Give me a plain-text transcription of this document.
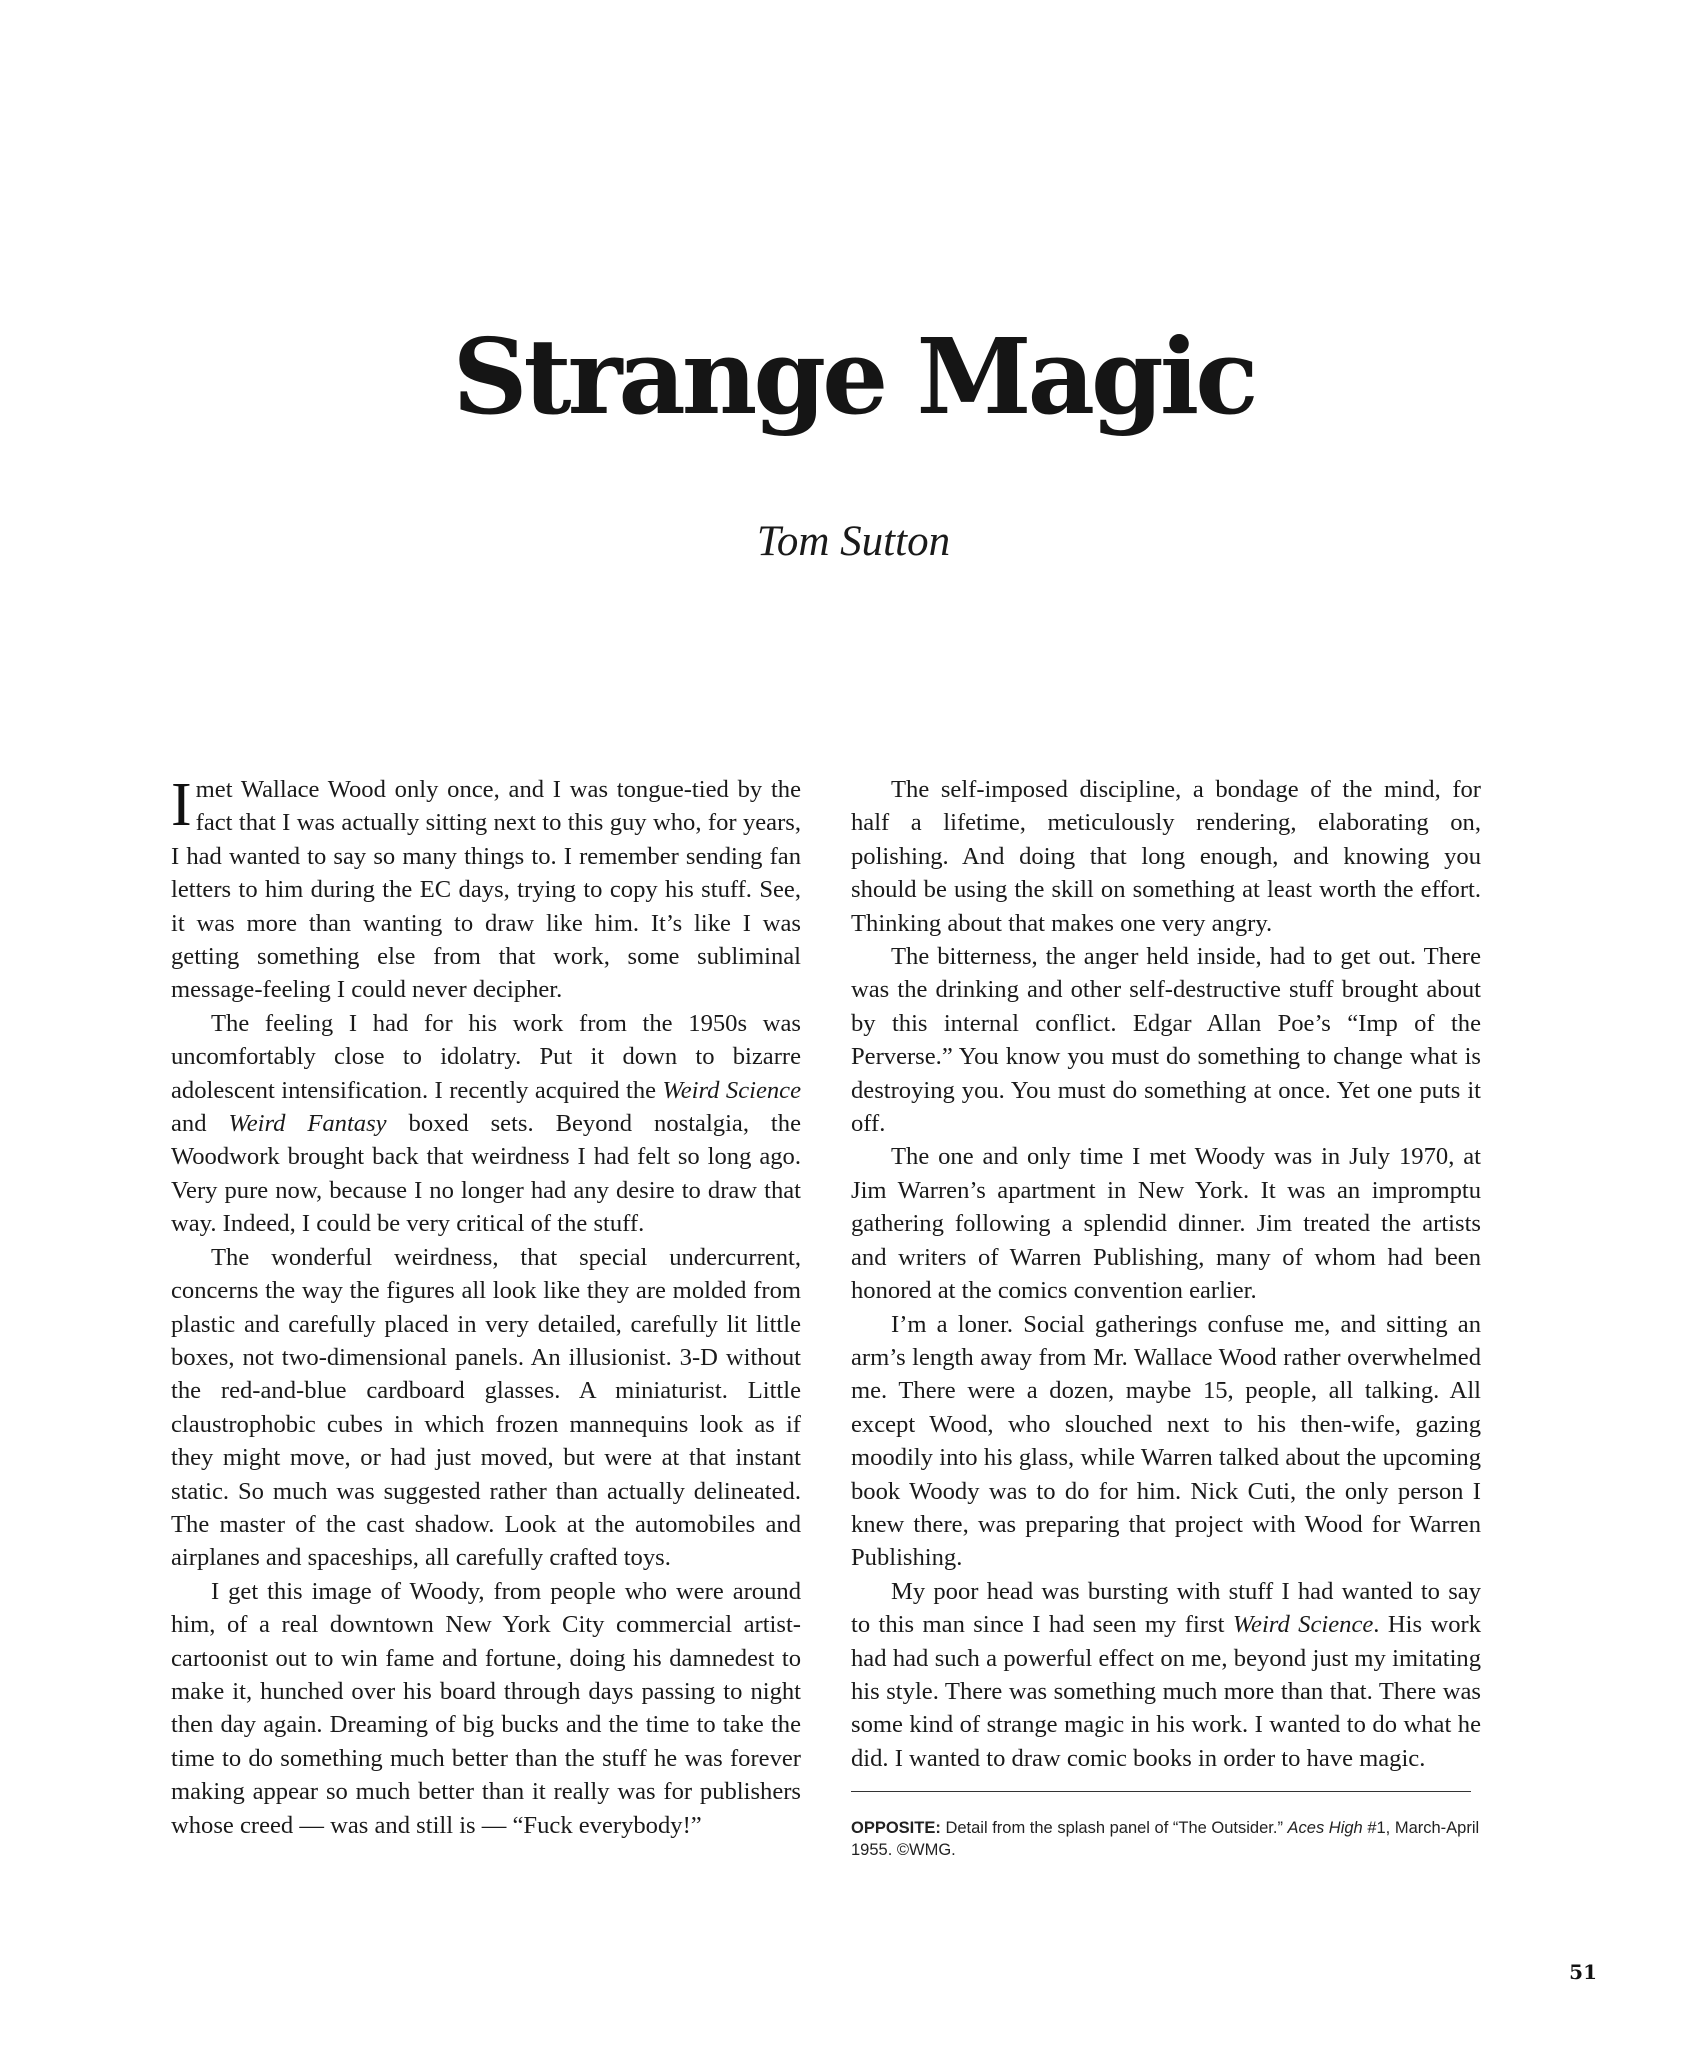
Strange Magic
Tom Sutton

I met Wallace Wood only once, and I was tongue-tied by the fact that I was actually sitting next to this guy who, for years, I had wanted to say so many things to. I remember sending fan letters to him during the EC days, trying to copy his stuff. See, it was more than wanting to draw like him. It’s like I was getting something else from that work, some subliminal message-feeling I could never decipher.

The feeling I had for his work from the 1950s was uncomfortably close to idolatry. Put it down to bizarre adolescent intensification. I recently acquired the Weird Science and Weird Fantasy boxed sets. Beyond nostalgia, the Woodwork brought back that weirdness I had felt so long ago. Very pure now, because I no longer had any desire to draw that way. Indeed, I could be very critical of the stuff.

The wonderful weirdness, that special undercurrent, concerns the way the figures all look like they are molded from plastic and carefully placed in very detailed, carefully lit little boxes, not two-dimensional panels. An illusionist. 3-D without the red-and-blue cardboard glasses. A miniaturist. Little claustrophobic cubes in which frozen mannequins look as if they might move, or had just moved, but were at that instant static. So much was suggested rather than actually delineated. The master of the cast shadow. Look at the automobiles and airplanes and spaceships, all carefully crafted toys.

I get this image of Woody, from people who were around him, of a real downtown New York City commercial artist-cartoonist out to win fame and fortune, doing his damnedest to make it, hunched over his board through days passing to night then day again. Dreaming of big bucks and the time to take the time to do something much better than the stuff he was forever making appear so much better than it really was for publishers whose creed — was and still is — “Fuck everybody!”

The self-imposed discipline, a bondage of the mind, for half a lifetime, meticulously rendering, elaborating on, polishing. And doing that long enough, and knowing you should be using the skill on something at least worth the effort. Thinking about that makes one very angry.

The bitterness, the anger held inside, had to get out. There was the drinking and other self-destructive stuff brought about by this internal conflict. Edgar Allan Poe’s “Imp of the Perverse.” You know you must do something to change what is destroying you. You must do something at once. Yet one puts it off.

The one and only time I met Woody was in July 1970, at Jim Warren’s apartment in New York. It was an impromptu gathering following a splendid dinner. Jim treated the artists and writers of Warren Publishing, many of whom had been honored at the comics convention earlier.

I’m a loner. Social gatherings confuse me, and sitting an arm’s length away from Mr. Wallace Wood rather overwhelmed me. There were a dozen, maybe 15, people, all talking. All except Wood, who slouched next to his then-wife, gazing moodily into his glass, while Warren talked about the upcoming book Woody was to do for him. Nick Cuti, the only person I knew there, was preparing that project with Wood for Warren Publishing.

My poor head was bursting with stuff I had wanted to say to this man since I had seen my first Weird Science. His work had had such a powerful effect on me, beyond just my imitating his style. There was something much more than that. There was some kind of strange magic in his work. I wanted to do what he did. I wanted to draw comic books in order to have magic.

OPPOSITE: Detail from the splash panel of “The Outsider.” Aces High #1, March-April 1955. ©WMG.
51
